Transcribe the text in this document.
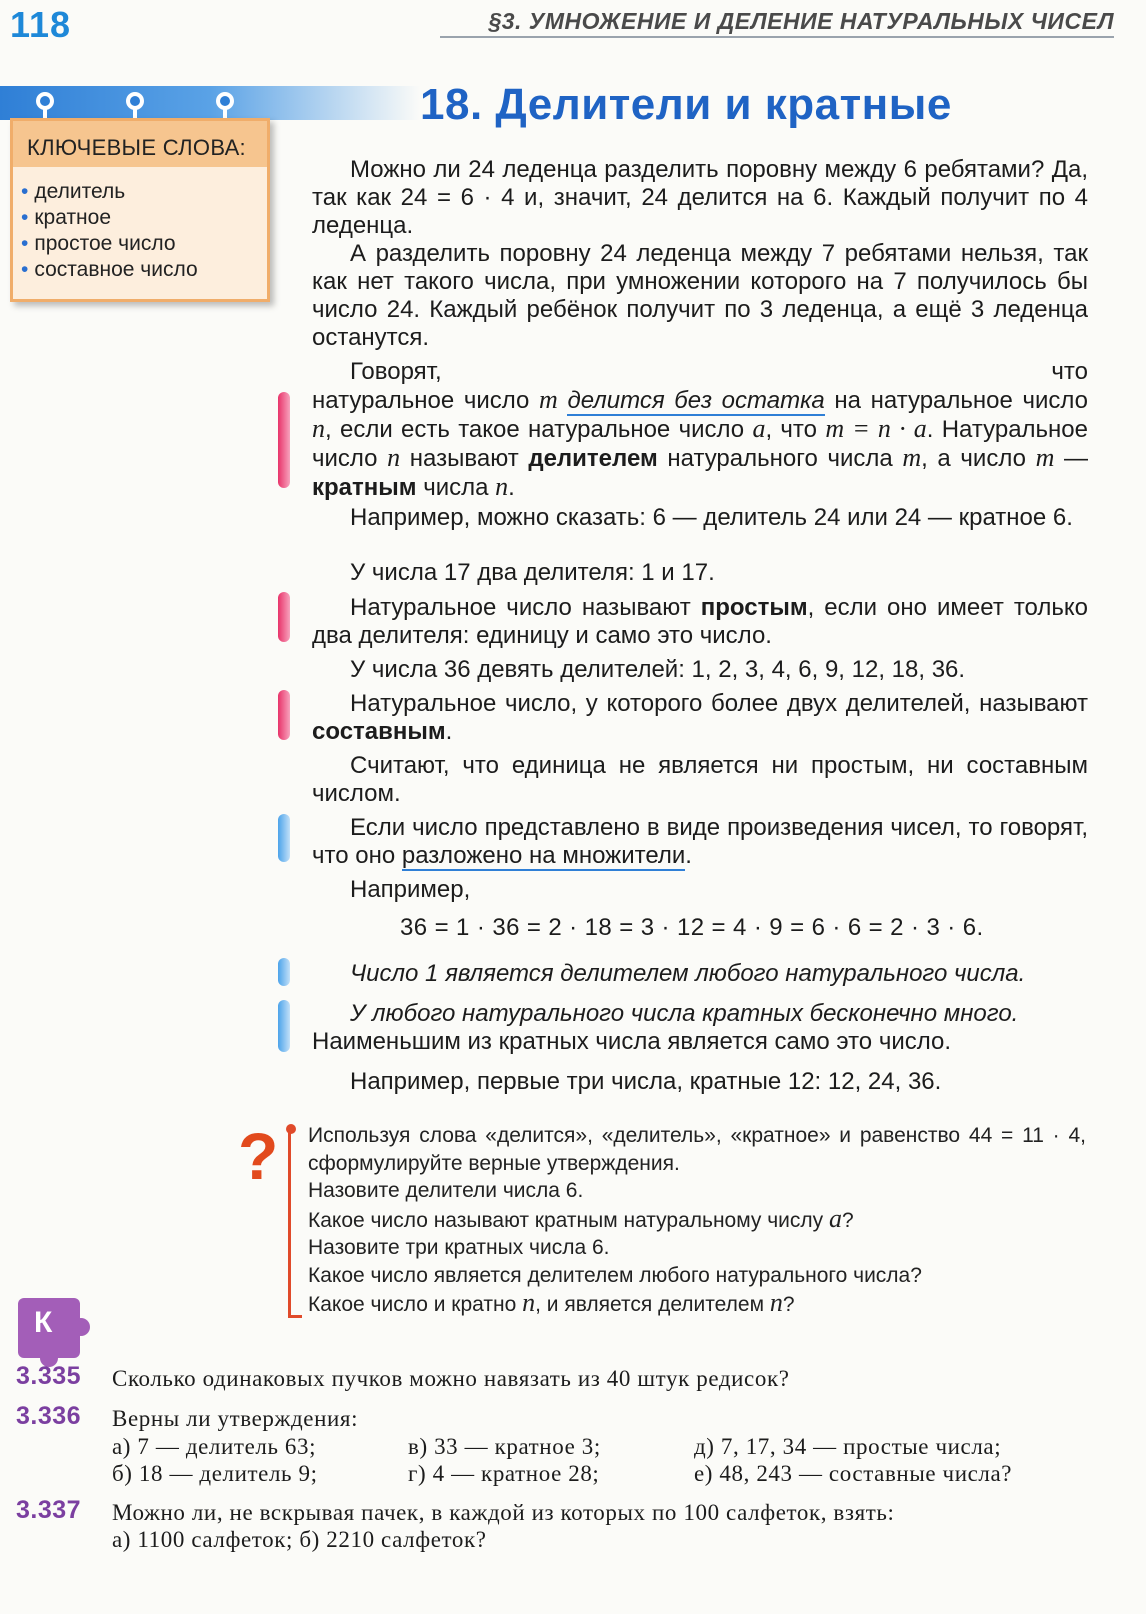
118	§3. УМНОЖЕНИЕ И ДЕЛЕНИЕ НАТУРАЛЬНЫХ ЧИСЕЛ
КЛЮЧЕВЫЕ СЛОВА:
• делитель
• кратное
• простое число
• составное число
18. Делители и кратные
Можно ли 24 леденца разделить поровну между 6 ребятами? Да, так как 24 = 6 · 4 и, значит, 24 делится на 6. Каждый получит по 4 леденца.
А разделить поровну 24 леденца между 7 ребятами нельзя, так как нет такого числа, при умножении которого на 7 получилось бы число 24. Каждый ребёнок получит по 3 леденца, а ещё 3 леденца останутся.
Говорят, что
натуральное число m делится без остатка на натуральное число n, если есть такое натуральное число a, что m = n · a. Натуральное число n называют делителем натурального числа m, а число m — кратным числа n.
Например, можно сказать: 6 — делитель 24 или 24 — кратное 6.
У числа 17 два делителя: 1 и 17.
Натуральное число называют простым, если оно имеет только два делителя: единицу и само это число.
У числа 36 девять делителей: 1, 2, 3, 4, 6, 9, 12, 18, 36.
Натуральное число, у которого более двух делителей, называют составным.
Считают, что единица не является ни простым, ни составным числом.
Если число представлено в виде произведения чисел, то говорят, что оно разложено на множители.
Например,
36 = 1 · 36 = 2 · 18 = 3 · 12 = 4 · 9 = 6 · 6 = 2 · 3 · 6.
Число 1 является делителем любого натурального числа.
У любого натурального числа кратных бесконечно много.
Наименьшим из кратных числа является само это число.
Например, первые три числа, кратные 12: 12, 24, 36.
? Используя слова «делится», «делитель», «кратное» и равенство 44 = 11 · 4, сформулируйте верные утверждения.
Назовите делители числа 6.
Какое число называют кратным натуральному числу a?
Назовите три кратных числа 6.
Какое число является делителем любого натурального числа?
Какое число и кратно n, и является делителем n?
К
3.335 Сколько одинаковых пучков можно навязать из 40 штук редисок?
3.336 Верны ли утверждения:
а) 7 — делитель 63;	в) 33 — кратное 3;	д) 7, 17, 34 — простые числа;
б) 18 — делитель 9;	г) 4 — кратное 28;	е) 48, 243 — составные числа?
3.337 Можно ли, не вскрывая пачек, в каждой из которых по 100 салфеток, взять:
а) 1100 салфеток; б) 2210 салфеток?
